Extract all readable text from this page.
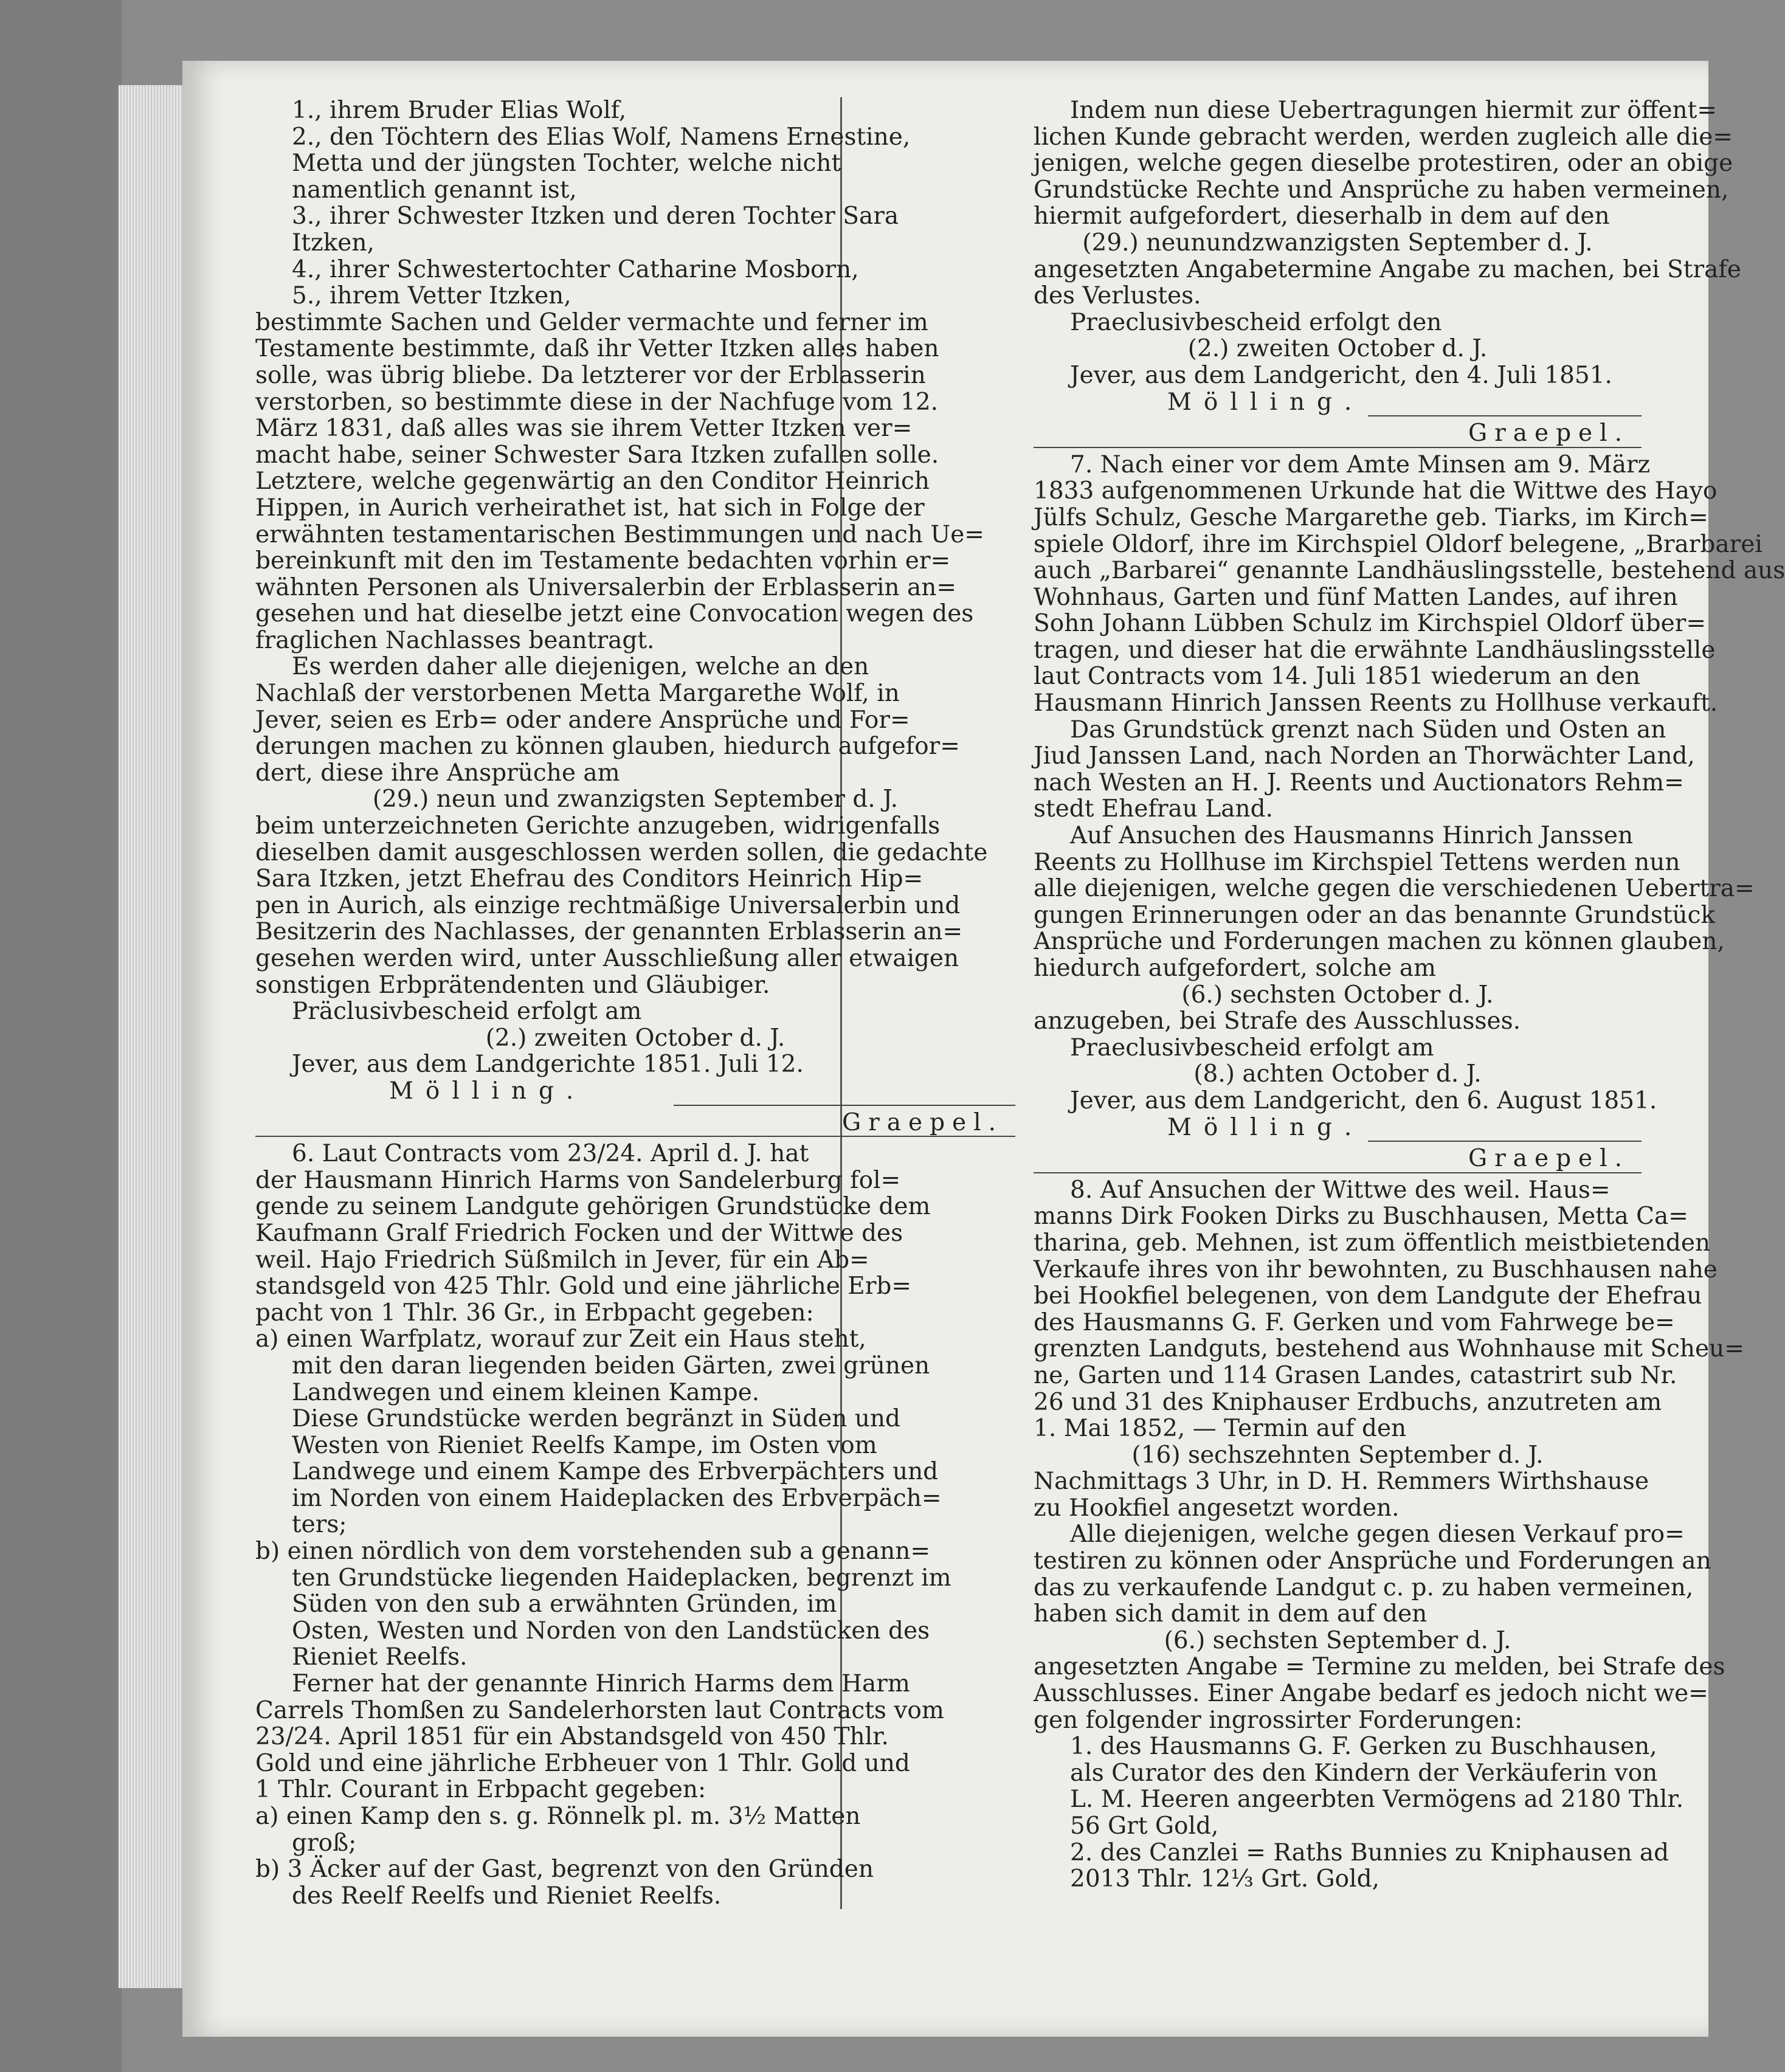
1., ihrem Bruder Elias Wolf,
2., den Töchtern des Elias Wolf, Namens Ernestine,
Metta und der jüngsten Tochter, welche nicht
namentlich genannt ist,
3., ihrer Schwester Itzken und deren Tochter Sara
Itzken,
4., ihrer Schwestertochter Catharine Mosborn,
5., ihrem Vetter Itzken,
bestimmte Sachen und Gelder vermachte und ferner im
Testamente bestimmte, daß ihr Vetter Itzken alles haben
solle, was übrig bliebe. Da letzterer vor der Erblasserin
verstorben, so bestimmte diese in der Nachfuge vom 12.
März 1831, daß alles was sie ihrem Vetter Itzken ver=
macht habe, seiner Schwester Sara Itzken zufallen solle.
Letztere, welche gegenwärtig an den Conditor Heinrich
Hippen, in Aurich verheirathet ist, hat sich in Folge der
erwähnten testamentarischen Bestimmungen und nach Ue=
bereinkunft mit den im Testamente bedachten vorhin er=
wähnten Personen als Universalerbin der Erblasserin an=
gesehen und hat dieselbe jetzt eine Convocation wegen des
fraglichen Nachlasses beantragt.
Es werden daher alle diejenigen, welche an den
Nachlaß der verstorbenen Metta Margarethe Wolf, in
Jever, seien es Erb= oder andere Ansprüche und For=
derungen machen zu können glauben, hiedurch aufgefor=
dert, diese ihre Ansprüche am
(29.) neun und zwanzigsten September d. J.
beim unterzeichneten Gerichte anzugeben, widrigenfalls
dieselben damit ausgeschlossen werden sollen, die gedachte
Sara Itzken, jetzt Ehefrau des Conditors Heinrich Hip=
pen in Aurich, als einzige rechtmäßige Universalerbin und
Besitzerin des Nachlasses, der genannten Erblasserin an=
gesehen werden wird, unter Ausschließung aller etwaigen
sonstigen Erbprätendenten und Gläubiger.
Präclusivbescheid erfolgt am
(2.) zweiten October d. J.
Jever, aus dem Landgerichte 1851. Juli 12.
Mölling.
Graepel.
6. Laut Contracts vom 23/24. April d. J. hat
der Hausmann Hinrich Harms von Sandelerburg fol=
gende zu seinem Landgute gehörigen Grundstücke dem
Kaufmann Gralf Friedrich Focken und der Wittwe des
weil. Hajo Friedrich Süßmilch in Jever, für ein Ab=
standsgeld von 425 Thlr. Gold und eine jährliche Erb=
pacht von 1 Thlr. 36 Gr., in Erbpacht gegeben:
a) einen Warfplatz, worauf zur Zeit ein Haus steht,
mit den daran liegenden beiden Gärten, zwei grünen
Landwegen und einem kleinen Kampe.
Diese Grundstücke werden begränzt in Süden und
Westen von Rieniet Reelfs Kampe, im Osten vom
Landwege und einem Kampe des Erbverpächters und
im Norden von einem Haideplacken des Erbverpäch=
ters;
b) einen nördlich von dem vorstehenden sub a genann=
ten Grundstücke liegenden Haideplacken, begrenzt im
Süden von den sub a erwähnten Gründen, im
Osten, Westen und Norden von den Landstücken des
Rieniet Reelfs.
Ferner hat der genannte Hinrich Harms dem Harm
Carrels Thomßen zu Sandelerhorsten laut Contracts vom
23/24. April 1851 für ein Abstandsgeld von 450 Thlr.
Gold und eine jährliche Erbheuer von 1 Thlr. Gold und
1 Thlr. Courant in Erbpacht gegeben:
a) einen Kamp den s. g. Rönnelk pl. m. 3½ Matten
groß;
b) 3 Äcker auf der Gast, begrenzt von den Gründen
des Reelf Reelfs und Rieniet Reelfs.
Indem nun diese Uebertragungen hiermit zur öffent=
lichen Kunde gebracht werden, werden zugleich alle die=
jenigen, welche gegen dieselbe protestiren, oder an obige
Grundstücke Rechte und Ansprüche zu haben vermeinen,
hiermit aufgefordert, dieserhalb in dem auf den
(29.) neunundzwanzigsten September d. J.
angesetzten Angabetermine Angabe zu machen, bei Strafe
des Verlustes.
Praeclusivbescheid erfolgt den
(2.) zweiten October d. J.
Jever, aus dem Landgericht, den 4. Juli 1851.
Mölling.
Graepel.
7. Nach einer vor dem Amte Minsen am 9. März
1833 aufgenommenen Urkunde hat die Wittwe des Hayo
Jülfs Schulz, Gesche Margarethe geb. Tiarks, im Kirch=
spiele Oldorf, ihre im Kirchspiel Oldorf belegene, „Brarbarei
auch „Barbarei“ genannte Landhäuslingsstelle, bestehend aus
Wohnhaus, Garten und fünf Matten Landes, auf ihren
Sohn Johann Lübben Schulz im Kirchspiel Oldorf über=
tragen, und dieser hat die erwähnte Landhäuslingsstelle
laut Contracts vom 14. Juli 1851 wiederum an den
Hausmann Hinrich Janssen Reents zu Hollhuse verkauft.
Das Grundstück grenzt nach Süden und Osten an
Jiud Janssen Land, nach Norden an Thorwächter Land,
nach Westen an H. J. Reents und Auctionators Rehm=
stedt Ehefrau Land.
Auf Ansuchen des Hausmanns Hinrich Janssen
Reents zu Hollhuse im Kirchspiel Tettens werden nun
alle diejenigen, welche gegen die verschiedenen Uebertra=
gungen Erinnerungen oder an das benannte Grundstück
Ansprüche und Forderungen machen zu können glauben,
hiedurch aufgefordert, solche am
(6.) sechsten October d. J.
anzugeben, bei Strafe des Ausschlusses.
Praeclusivbescheid erfolgt am
(8.) achten October d. J.
Jever, aus dem Landgericht, den 6. August 1851.
Mölling.
Graepel.
8. Auf Ansuchen der Wittwe des weil. Haus=
manns Dirk Fooken Dirks zu Buschhausen, Metta Ca=
tharina, geb. Mehnen, ist zum öffentlich meistbietenden
Verkaufe ihres von ihr bewohnten, zu Buschhausen nahe
bei Hookfiel belegenen, von dem Landgute der Ehefrau
des Hausmanns G. F. Gerken und vom Fahrwege be=
grenzten Landguts, bestehend aus Wohnhause mit Scheu=
ne, Garten und 114 Grasen Landes, catastrirt sub Nr.
26 und 31 des Kniphauser Erdbuchs, anzutreten am
1. Mai 1852, — Termin auf den
(16) sechszehnten September d. J.
Nachmittags 3 Uhr, in D. H. Remmers Wirthshause
zu Hookfiel angesetzt worden.
Alle diejenigen, welche gegen diesen Verkauf pro=
testiren zu können oder Ansprüche und Forderungen an
das zu verkaufende Landgut c. p. zu haben vermeinen,
haben sich damit in dem auf den
(6.) sechsten September d. J.
angesetzten Angabe = Termine zu melden, bei Strafe des
Ausschlusses. Einer Angabe bedarf es jedoch nicht we=
gen folgender ingrossirter Forderungen:
1. des Hausmanns G. F. Gerken zu Buschhausen,
als Curator des den Kindern der Verkäuferin von
L. M. Heeren angeerbten Vermögens ad 2180 Thlr.
56 Grt Gold,
2. des Canzlei = Raths Bunnies zu Kniphausen ad
2013 Thlr. 12⅓ Grt. Gold,
